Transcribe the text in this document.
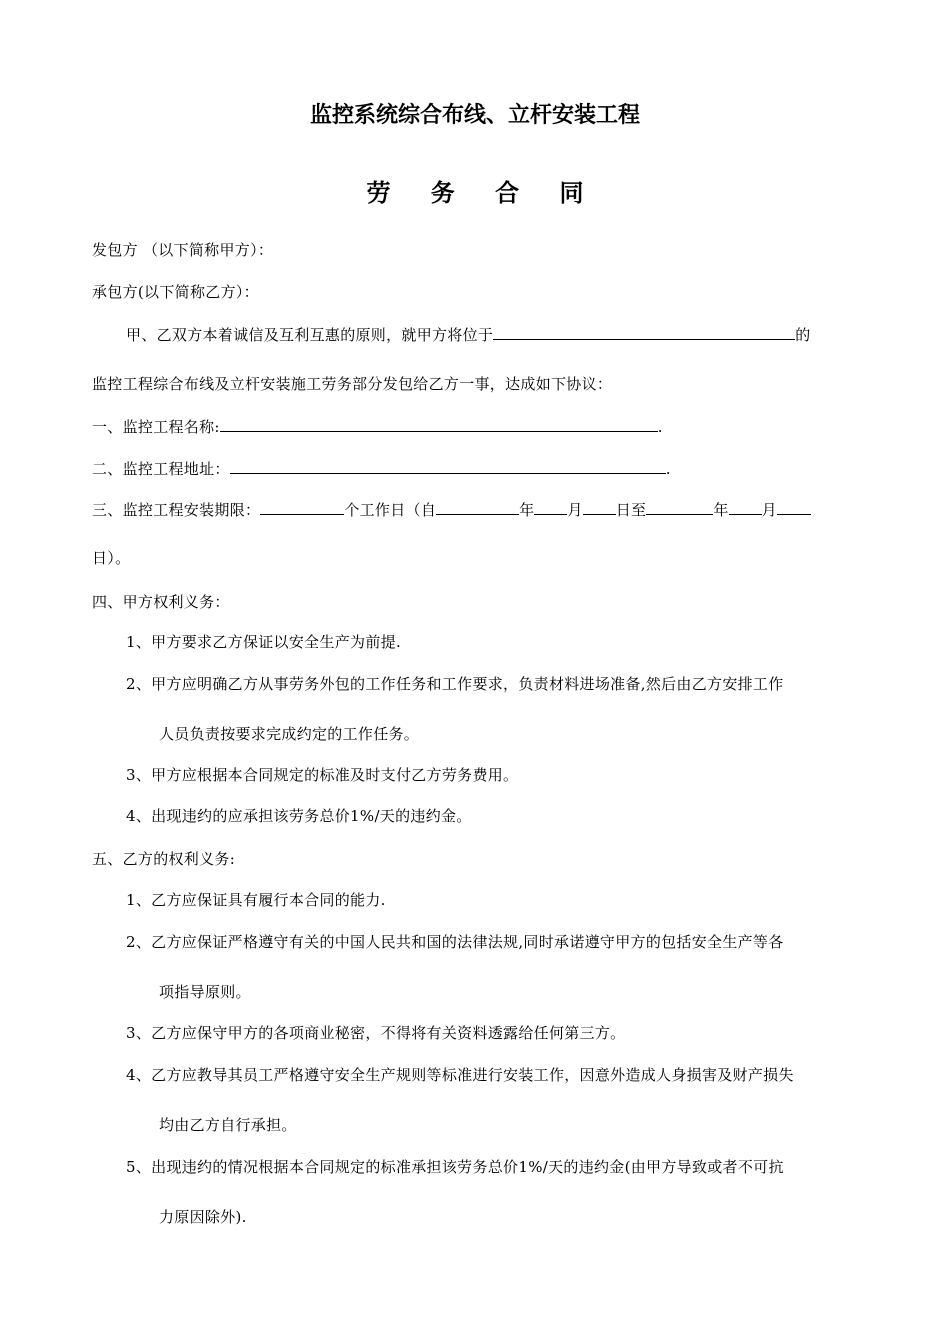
监控系统综合布线、立杆安装工程
劳 务 合 同
发包方 （以下简称甲方）：
承包方(以下简称乙方）：
甲、乙双方本着诚信及互利互惠的原则，就甲方将位于	的
监控工程综合布线及立杆安装施工劳务部分发包给乙方一事，达成如下协议：
一、监控工程名称:	.
二、监控工程地址：	.
三、监控工程安装期限：	个工作日（自	年 月 日至	年 月
日）。
四、甲方权利义务：
1、甲方要求乙方保证以安全生产为前提.
2、甲方应明确乙方从事劳务外包的工作任务和工作要求，负责材料进场准备,然后由乙方安排工作
人员负责按要求完成约定的工作任务。
3、甲方应根据本合同规定的标准及时支付乙方劳务费用。
4、出现违约的应承担该劳务总价1%/天的违约金。
五、乙方的权利义务:
1、乙方应保证具有履行本合同的能力.
2、乙方应保证严格遵守有关的中国人民共和国的法律法规,同时承诺遵守甲方的包括安全生产等各
项指导原则。
3、乙方应保守甲方的各项商业秘密，不得将有关资料透露给任何第三方。
4、乙方应教导其员工严格遵守安全生产规则等标准进行安装工作，因意外造成人身损害及财产损失
均由乙方自行承担。
5、出现违约的情况根据本合同规定的标准承担该劳务总价1%/天的违约金(由甲方导致或者不可抗
力原因除外).
